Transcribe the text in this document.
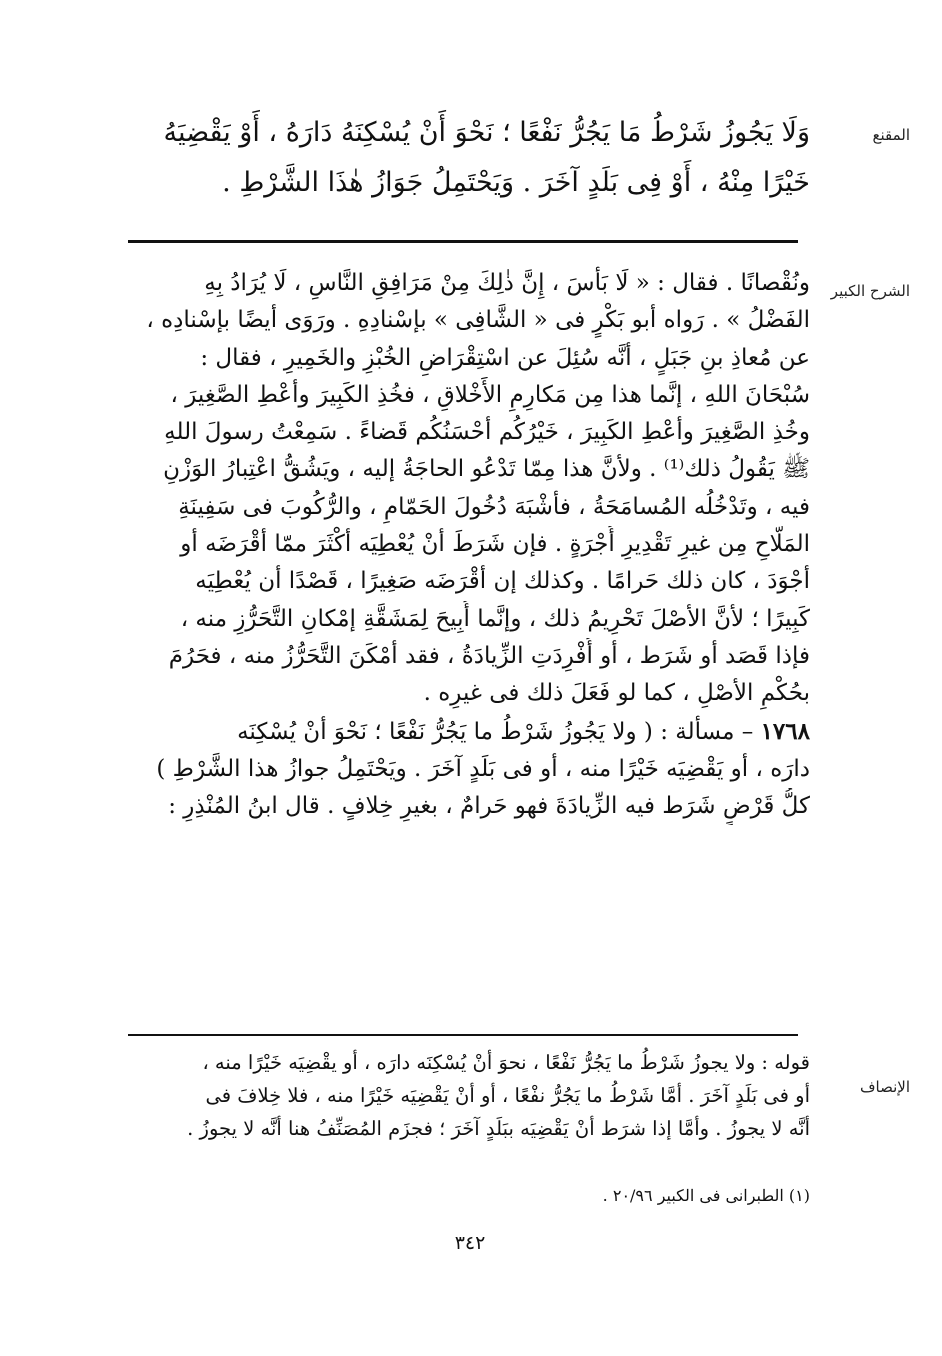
المقنع
وَلَا يَجُوزُ شَرْطُ مَا يَجُرُّ نَفْعًا ؛ نَحْوَ أَنْ يُسْكِنَهُ دَارَهُ ، أَوْ يَقْضِيَهُ
خَيْرًا مِنْهُ ، أَوْ فِى بَلَدٍ آخَرَ . وَيَحْتَمِلُ جَوَازُ هٰذَا الشَّرْطِ .
الشرح الكبير
ونُقْصانًا . فقال : « لَا بَأْسَ ، إِنَّ ذٰلِكَ مِنْ مَرَافِقِ النَّاسِ ، لَا يُرَادُ بِهِ
الفَضْلُ » . رَواه أبو بَكْرٍ فى « الشَّافِى » بإسْنادِهِ . ورَوَى أيضًا بإسْنادِه ،
عن مُعاذِ بنِ جَبَلٍ ، أنَّه سُئِلَ عن اسْتِقْرَاضِ الخُبْزِ والخَمِيرِ ، فقال :
سُبْحَانَ اللهِ ، إنَّما هذا مِن مَكارِمِ الأَخْلاقِ ، فخُذِ الكَبِيرَ وأعْطِ الصَّغِيرَ ،
وخُذِ الصَّغِيرَ وأعْطِ الكَبِيرَ ، خَيْرُكُم أحْسَنُكُم قَضاءً . سَمِعْتُ رسولَ اللهِ
ﷺ يَقُولُ ذلك⁽¹⁾ . ولأنَّ هذا مِمّا تَدْعُو الحاجَةُ إليه ، ويَشُقُّ اعْتِبارُ الوَزْنِ
فيه ، وتَدْخُلُه المُسامَحَةُ ، فأشْبَهَ دُخُولَ الحَمّامِ ، والرُّكُوبَ فى سَفِينَةِ
المَلّاحِ مِن غيرِ تَقْدِيرِ أُجْرَةٍ . فإن شَرَطَ أنْ يُعْطِيَه أكْثَرَ ممّا أقْرَضَه أو
أجْوَدَ ، كان ذلك حَرامًا . وكذلك إن أقْرَضَه صَغِيرًا ، قَصْدًا أن يُعْطِيَه
كَبِيرًا ؛ لأنَّ الأصْلَ تَحْرِيمُ ذلك ، وإنَّما أُبِيحَ لِمَشَقَّةِ إمْكانِ التَّحَرُّزِ منه ،
فإذا قَصَد أو شَرَط ، أو أُفْرِدَتِ الزِّيادَةُ ، فقد أمْكَنَ التَّحَرُّزُ منه ، فحَرُمَ
بحُكْمِ الأصْلِ ، كما لو فَعَلَ ذلك فى غيرِه .
١٧٦٨ – مسألة : ( ولا يَجُوزُ شَرْطُ ما يَجُرُّ نَفْعًا ؛ نَحْوَ أنْ يُسْكِنَه
دارَه ، أو يَقْضِيَه خَيْرًا منه ، أو فى بَلَدٍ آخَرَ . ويَحْتَمِلُ جوازُ هذا الشَّرْطِ )
كلُّ قَرْضٍ شَرَط فيه الزِّيادَةَ فهو حَرامٌ ، بغيرِ خِلافٍ . قال ابنُ المُنْذِرِ :
الإنصاف
قوله : ولا يجوزُ شَرْطُ ما يَجُرُّ نَفْعًا ، نحوَ أنْ يُسْكِنَه دارَه ، أو يقْضِيَه خَيْرًا منه ،
أو فى بَلَدٍ آخَرَ . أمَّا شَرْطُ ما يَجُرُّ نفْعًا ، أو أنْ يَقْضِيَه خَيْرًا منه ، فلا خِلافَ فى
أنَّه لا يجوزُ . وأمَّا إذا شرَط أنْ يَقْضِيَه ببَلَدٍ آخَرَ ؛ فجزَم المُصَنِّفُ هنا أنَّه لا يجوزُ .
(١) الطبرانى فى الكبير ٢٠/٩٦ .
٣٤٢
